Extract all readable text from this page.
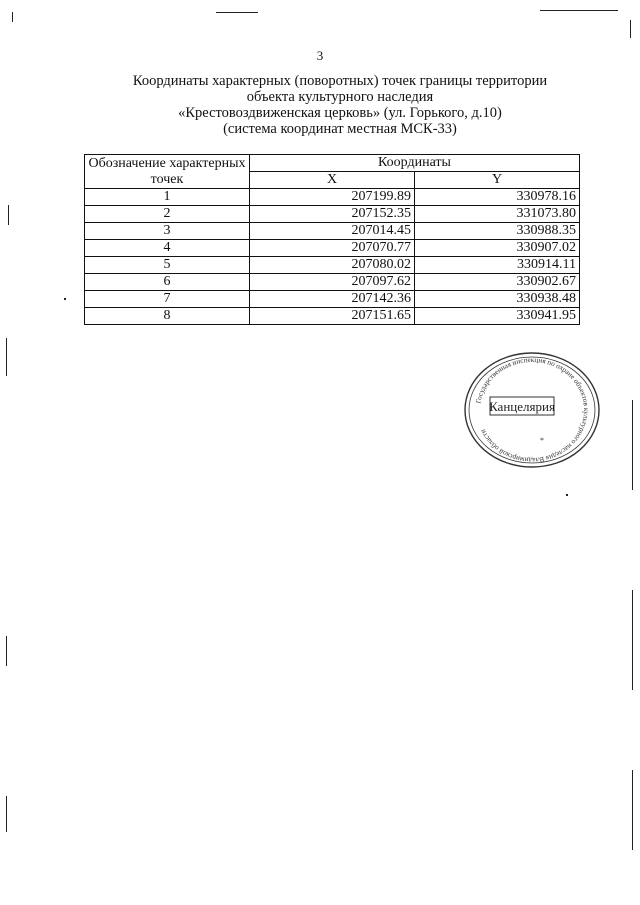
3
Координаты характерных (поворотных) точек границы территории
объекта культурного наследия
«Крестовоздвиженская церковь» (ул. Горького, д.10)
(система координат местная МСК-33)
Обозначение характерных точек	Координаты	
	X	Y
1	207199.89	330978.16
2	207152.35	331073.80
3	207014.45	330988.35
4	207070.77	330907.02
5	207080.02	330914.11
6	207097.62	330902.67
7	207142.36	330938.48
8	207151.65	330941.95
Государственная инспекция по охране объектов культурного наследия Владимирской области
Канцелярия
*
